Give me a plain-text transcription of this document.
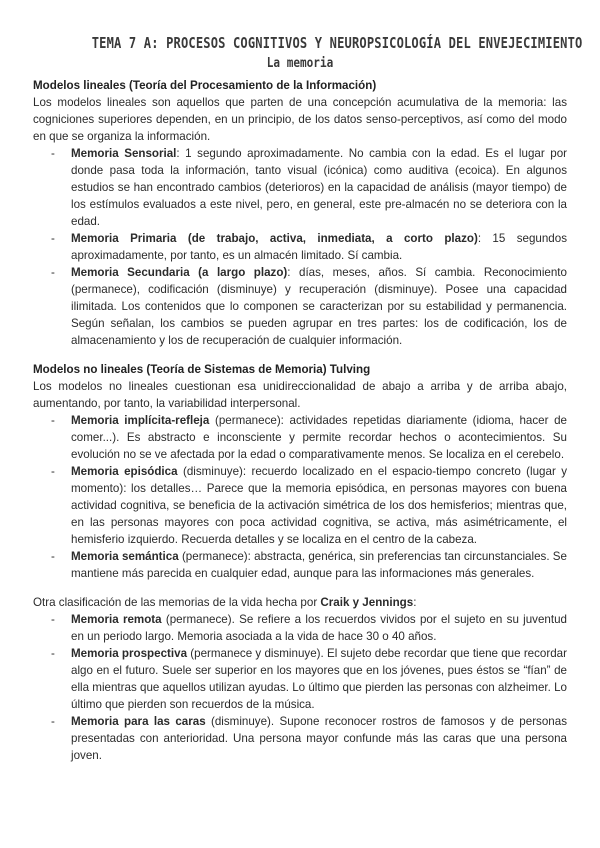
TEMA 7 A: PROCESOS COGNITIVOS Y NEUROPSICOLOGÍA DEL ENVEJECIMIENTO
La memoria
Modelos lineales (Teoría del Procesamiento de la Información)

Los modelos lineales son aquellos que parten de una concepción acumulativa de la memoria: las cogniciones superiores dependen, en un principio, de los datos senso-perceptivos, así como del modo en que se organiza la información.

- Memoria Sensorial: 1 segundo aproximadamente. No cambia con la edad. Es el lugar por donde pasa toda la información, tanto visual (icónica) como auditiva (ecoica). En algunos estudios se han encontrado cambios (deterioros) en la capacidad de análisis (mayor tiempo) de los estímulos evaluados a este nivel, pero, en general, este pre-almacén no se deteriora con la edad.
- Memoria Primaria (de trabajo, activa, inmediata, a corto plazo): 15 segundos aproximadamente, por tanto, es un almacén limitado. Sí cambia.
- Memoria Secundaria (a largo plazo): días, meses, años. Sí cambia. Reconocimiento (permanece), codificación (disminuye) y recuperación (disminuye). Posee una capacidad ilimitada. Los contenidos que lo componen se caracterizan por su estabilidad y permanencia. Según señalan, los cambios se pueden agrupar en tres partes: los de codificación, los de almacenamiento y los de recuperación de cualquier información.
Modelos no lineales (Teoría de Sistemas de Memoria) Tulving

Los modelos no lineales cuestionan esa unidireccionalidad de abajo a arriba y de arriba abajo, aumentando, por tanto, la variabilidad interpersonal.

- Memoria implícita-refleja (permanece): actividades repetidas diariamente (idioma, hacer de comer...). Es abstracto e inconsciente y permite recordar hechos o acontecimientos. Su evolución no se ve afectada por la edad o comparativamente menos. Se localiza en el cerebelo.
- Memoria episódica (disminuye): recuerdo localizado en el espacio-tiempo concreto (lugar y momento): los detalles… Parece que la memoria episódica, en personas mayores con buena actividad cognitiva, se beneficia de la activación simétrica de los dos hemisferios; mientras que, en las personas mayores con poca actividad cognitiva, se activa, más asimétricamente, el hemisferio izquierdo. Recuerda detalles y se localiza en el centro de la cabeza.
- Memoria semántica (permanece): abstracta, genérica, sin preferencias tan circunstanciales. Se mantiene más parecida en cualquier edad, aunque para las informaciones más generales.

Otra clasificación de las memorias de la vida hecha por Craik y Jennings:

- Memoria remota (permanece). Se refiere a los recuerdos vividos por el sujeto en su juventud en un periodo largo. Memoria asociada a la vida de hace 30 o 40 años.
- Memoria prospectiva (permanece y disminuye). El sujeto debe recordar que tiene que recordar algo en el futuro. Suele ser superior en los mayores que en los jóvenes, pues éstos se “fían” de ella mientras que aquellos utilizan ayudas. Lo último que pierden las personas con alzheimer. Lo último que pierden son recuerdos de la música.
- Memoria para las caras (disminuye). Supone reconocer rostros de famosos y de personas presentadas con anterioridad. Una persona mayor confunde más las caras que una persona joven.
